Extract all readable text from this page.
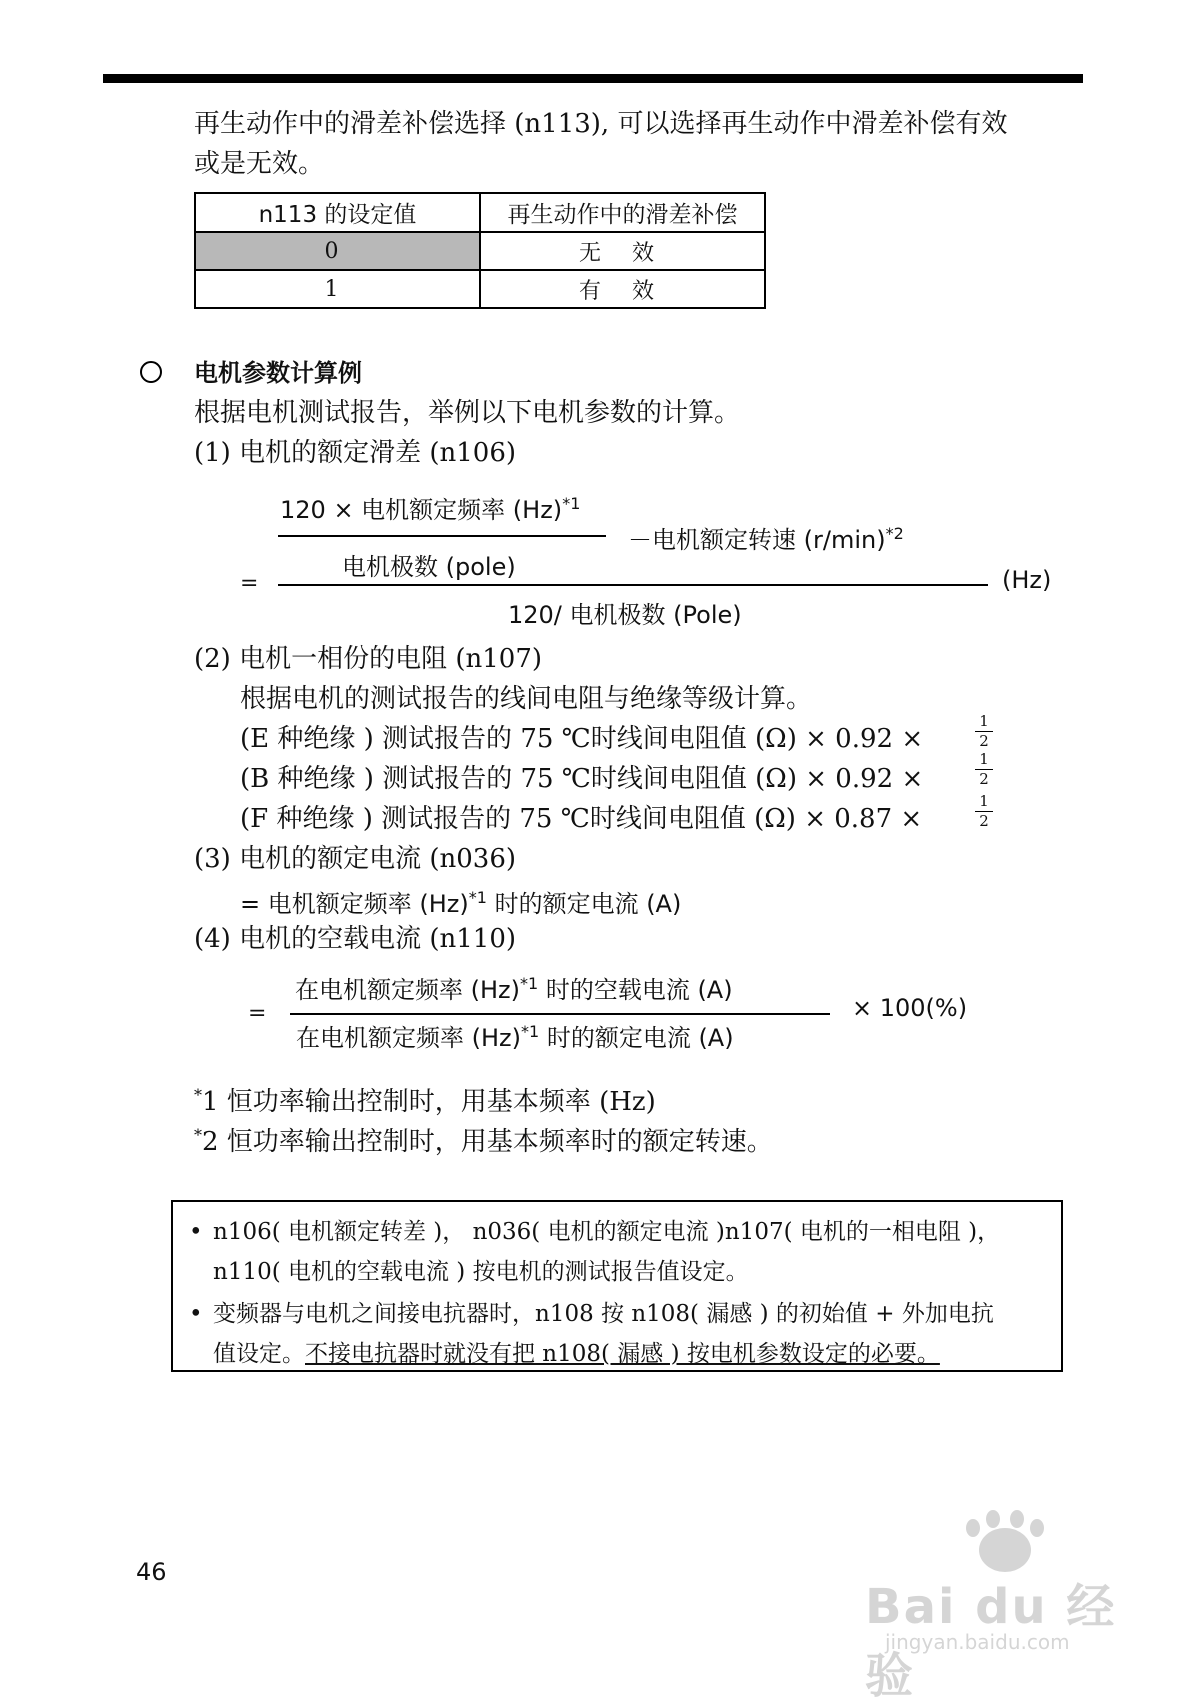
再生动作中的滑差补偿选择 (n113), 可以选择再生动作中滑差补偿有效
或是无效。
n113 的设定值	再生动作中的滑差补偿
0	无 效
1	有 效
电机参数计算例
根据电机测试报告，举例以下电机参数的计算。
(1) 电机的额定滑差 (n106)
120 × 电机额定频率 $(Hz)^{*1}$
电机极数 (pole)
－电机额定转速 $(r/\min)^{*2}$
=	(Hz)
120/ 电机极数 (Pole)
(2) 电机一相份的电阻 (n107)
根据电机的测试报告的线间电阻与绝缘等级计算。
(E 种绝缘 ) 测试报告的 75 ℃时线间电阻值 (Ω) × 0.92 ×
1
2
(B 种绝缘 ) 测试报告的 75 ℃时线间电阻值 (Ω) × 0.92 ×
1
2
(F 种绝缘 ) 测试报告的 75 ℃时线间电阻值 (Ω) × 0.87 ×
1
2
(3) 电机的额定电流 (n036)
= 电机额定频率 $(Hz)^{*1}$ 时的额定电流 (A)
(4) 电机的空载电流 (n110)
在电机额定频率 $(Hz)^{*1}$ 时的空载电流 (A)
=	× 100(%)
在电机额定频率 $(Hz)^{*1}$ 时的额定电流 (A)
*1 恒功率输出控制时，用基本频率 (Hz)
*2 恒功率输出控制时，用基本频率时的额定转速。
• n106( 电机额定转差 )， n036( 电机的额定电流 )n107( 电机的一相电阻 )，
n110( 电机的空载电流 ) 按电机的测试报告值设定。
• 变频器与电机之间接电抗器时，n108 按 n108( 漏感 ) 的初始值 + 外加电抗
值设定。不接电抗器时就没有把 n108( 漏感 ) 按电机参数设定的必要。
46
Bai du 经验
jingyan.baidu.com
